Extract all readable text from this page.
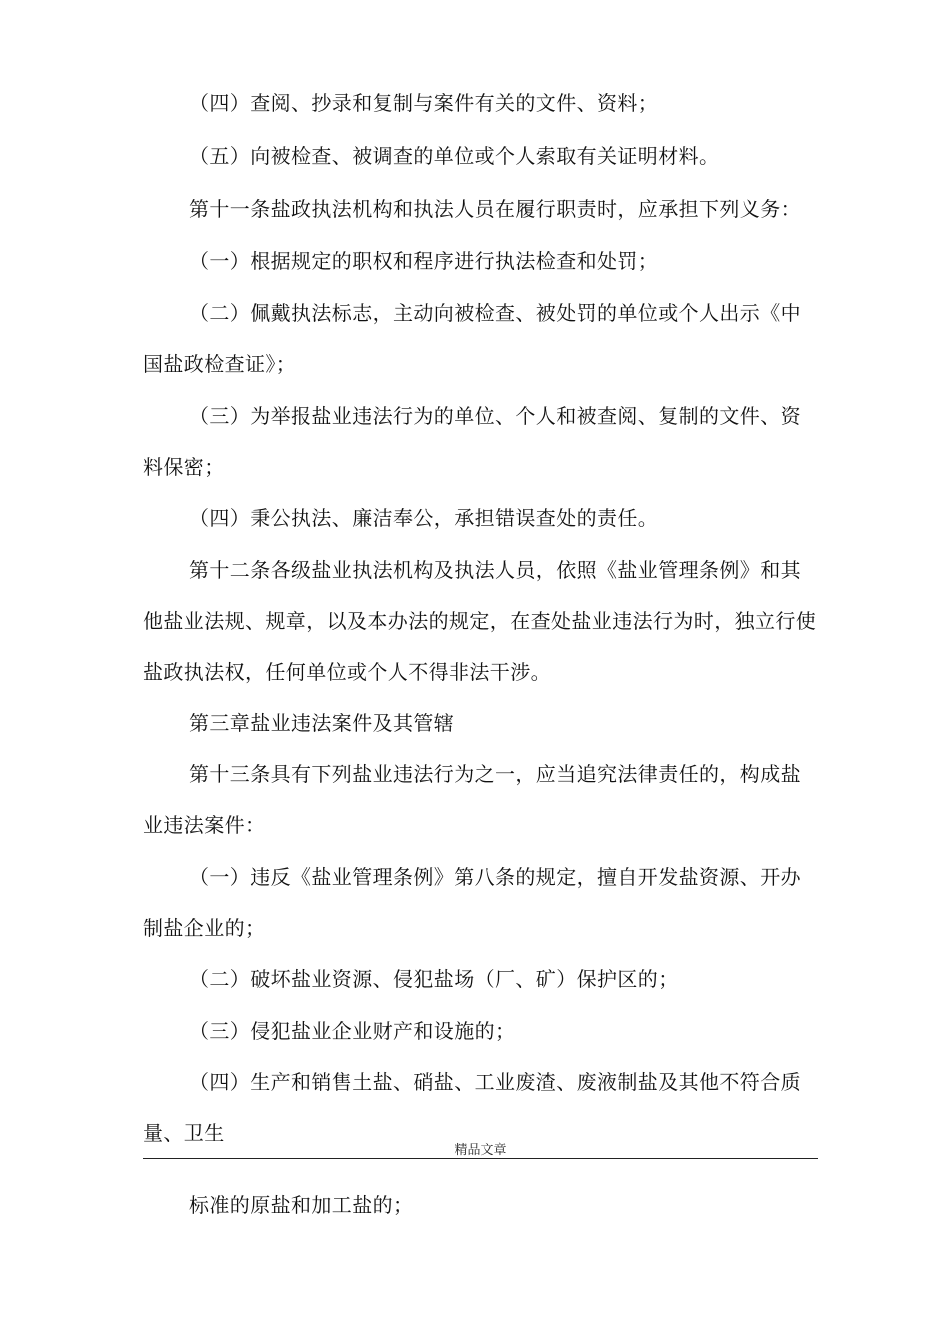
（四）查阅、抄录和复制与案件有关的文件、资料；

（五）向被检查、被调查的单位或个人索取有关证明材料。

第十一条盐政执法机构和执法人员在履行职责时，应承担下列义务：

（一）根据规定的职权和程序进行执法检查和处罚；

（二）佩戴执法标志，主动向被检查、被处罚的单位或个人出示《中国盐政检查证》；

（三）为举报盐业违法行为的单位、个人和被查阅、复制的文件、资料保密；

（四）秉公执法、廉洁奉公，承担错误查处的责任。

第十二条各级盐业执法机构及执法人员，依照《盐业管理条例》和其他盐业法规、规章，以及本办法的规定，在查处盐业违法行为时，独立行使盐政执法权，任何单位或个人不得非法干涉。

第三章盐业违法案件及其管辖

第十三条具有下列盐业违法行为之一，应当追究法律责任的，构成盐业违法案件：

（一）违反《盐业管理条例》第八条的规定，擅自开发盐资源、开办制盐企业的；

（二）破坏盐业资源、侵犯盐场（厂、矿）保护区的；

（三）侵犯盐业企业财产和设施的；

（四）生产和销售土盐、硝盐、工业废渣、废液制盐及其他不符合质量、卫生

精品文章

标准的原盐和加工盐的；
